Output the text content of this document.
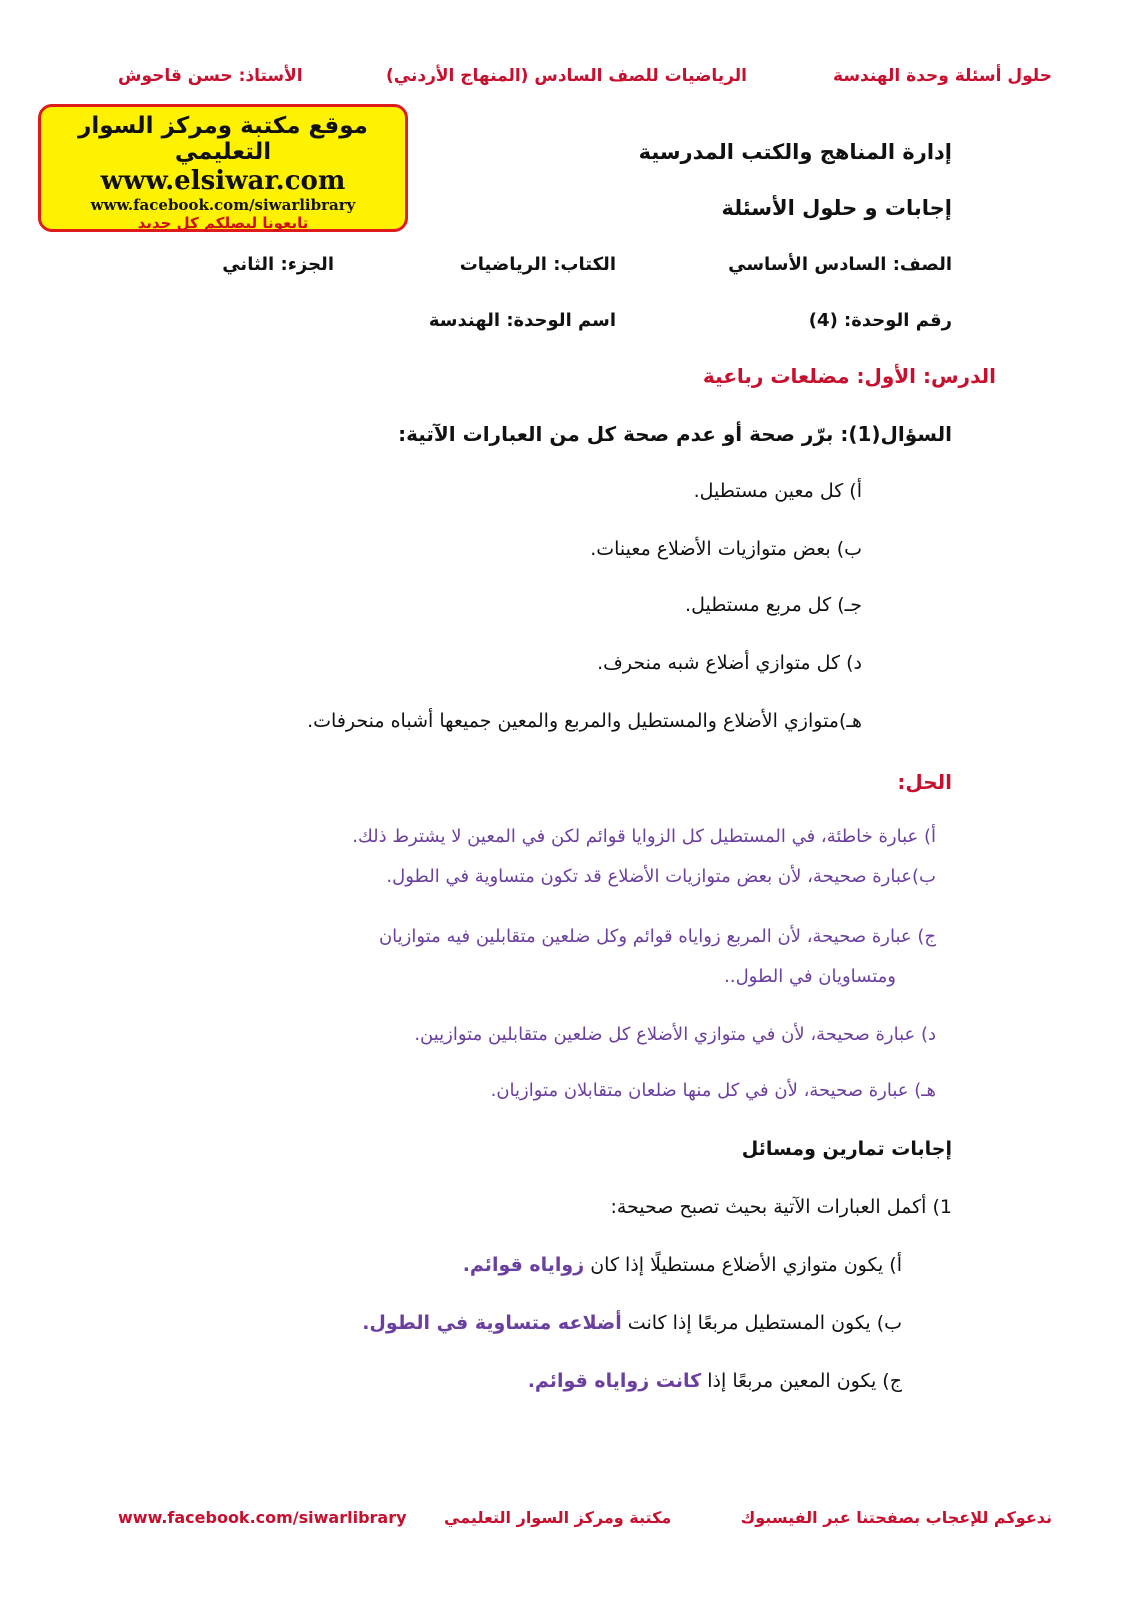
حلول أسئلة وحدة الهندسة
الرياضيات للصف السادس (المنهاج الأردني)
الأستاذ: حسن قاحوش
موقع مكتبة ومركز السوار التعليمي
www.elsiwar.com
www.facebook.com/siwarlibrary
تابعونا ليصلكم كل جديد
إدارة المناهج والكتب المدرسية
إجابات و حلول الأسئلة
الصف: السادس الأساسي
الكتاب: الرياضيات
الجزء: الثاني
رقم الوحدة: (4)
اسم الوحدة: الهندسة
الدرس: الأول: مضلعات رباعية
السؤال(1): برّر صحة أو عدم صحة كل من العبارات الآتية:
أ) كل معين مستطيل.
ب) بعض متوازيات الأضلاع معينات.
جـ) كل مربع مستطيل.
د) كل متوازي أضلاع شبه منحرف.
هـ)متوازي الأضلاع والمستطيل والمربع والمعين جميعها أشباه منحرفات.
الحل:
أ) عبارة خاطئة، في المستطيل كل الزوايا قوائم لكن في المعين لا يشترط ذلك.
ب)عبارة صحيحة، لأن بعض متوازيات الأضلاع قد تكون متساوية في الطول.
ج) عبارة صحيحة، لأن المربع زواياه قوائم وكل ضلعين متقابلين فيه متوازيان
ومتساويان في الطول..
د) عبارة صحيحة، لأن في متوازي الأضلاع كل ضلعين متقابلين متوازيين.
هـ) عبارة صحيحة، لأن في كل منها ضلعان متقابلان متوازيان.
إجابات تمارين ومسائل
1) أكمل العبارات الآتية بحيث تصبح صحيحة:
أ) يكون متوازي الأضلاع مستطيلًا إذا كان زواياه قوائم.
ب) يكون المستطيل مربعًا إذا كانت أضلاعه متساوية في الطول.
ج) يكون المعين مربعًا إذا كانت زواياه قوائم.
ندعوكم للإعجاب بصفحتنا عبر الفيسبوك
مكتبة ومركز السوار التعليمي
www.facebook.com/siwarlibrary
